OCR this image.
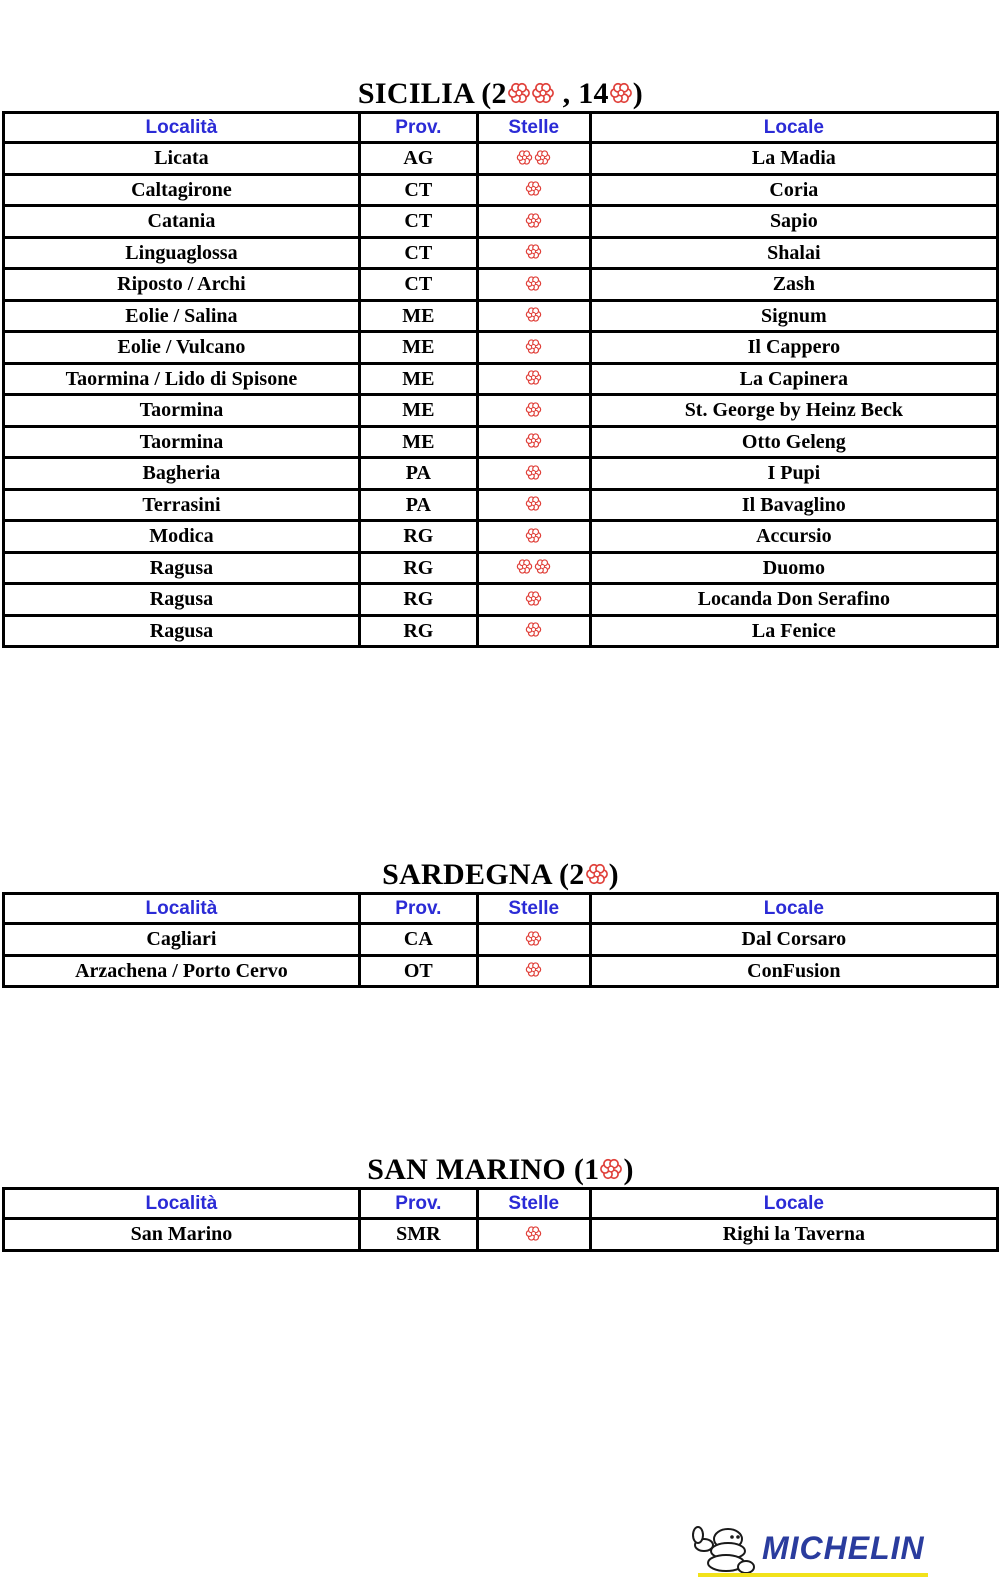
SICILIA (2
, 14 )
Località	Prov.	Stelle	Locale
Licata	AG		La Madia
Caltagirone	CT		Coria
Catania	CT		Sapio
Linguaglossa	CT		Shalai
Riposto / Archi	CT		Zash
Eolie / Salina	ME		Signum
Eolie / Vulcano	ME		Il Cappero
Taormina / Lido di Spisone	ME		La Capinera
Taormina	ME		St. George by Heinz Beck
Taormina	ME		Otto Geleng
Bagheria	PA		I Pupi
Terrasini	PA		Il Bavaglino
Modica	RG		Accursio
Ragusa	RG		Duomo
Ragusa	RG		Locanda Don Serafino
Ragusa	RG		La Fenice
SARDEGNA (2 )
Località	Prov.	Stelle	Locale
Cagliari	CA		Dal Corsaro
Arzachena / Porto Cervo	OT		ConFusion
SAN MARINO (1 )
Località	Prov.	Stelle	Locale
San Marino	SMR		Righi la Taverna
MICHELIN
